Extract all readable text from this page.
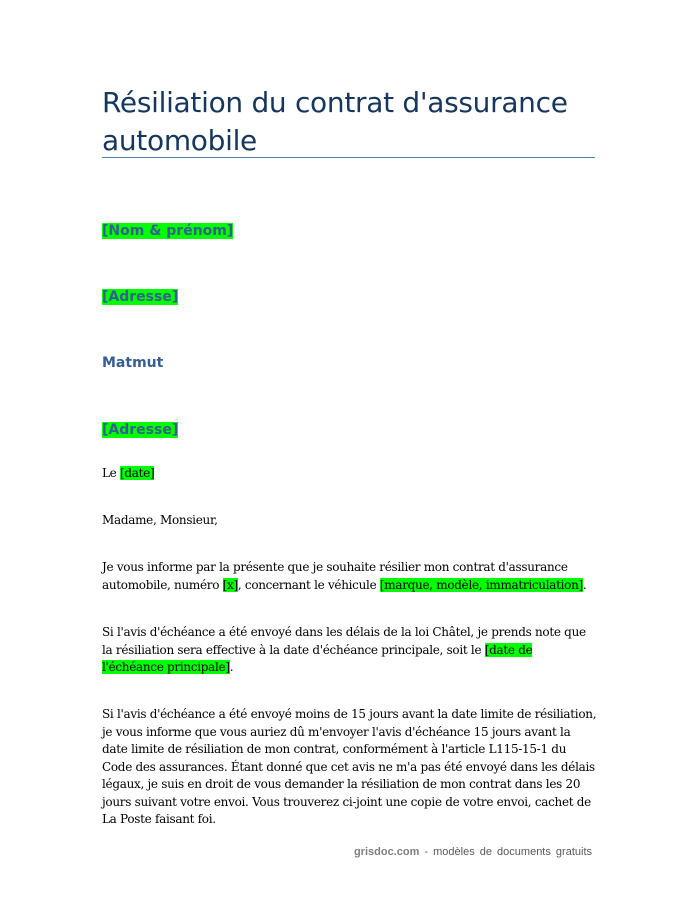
Résiliation du contrat d'assurance automobile
[Nom & prénom]
[Adresse]
Matmut
[Adresse]
Le [date]
Madame, Monsieur,
Je vous informe par la présente que je souhaite résilier mon contrat d'assurance automobile, numéro [x], concernant le véhicule [marque, modèle, immatriculation].
Si l'avis d'échéance a été envoyé dans les délais de la loi Châtel, je prends note que la résiliation sera effective à la date d'échéance principale, soit le [date de l'échéance principale].
Si l'avis d'échéance a été envoyé moins de 15 jours avant la date limite de résiliation, je vous informe que vous auriez dû m'envoyer l'avis d'échéance 15 jours avant la date limite de résiliation de mon contrat, conformément à l'article L115-15-1 du Code des assurances. Étant donné que cet avis ne m'a pas été envoyé dans les délais légaux, je suis en droit de vous demander la résiliation de mon contrat dans les 20 jours suivant votre envoi. Vous trouverez ci-joint une copie de votre envoi, cachet de La Poste faisant foi.
grisdoc.com - modèles de documents gratuits
